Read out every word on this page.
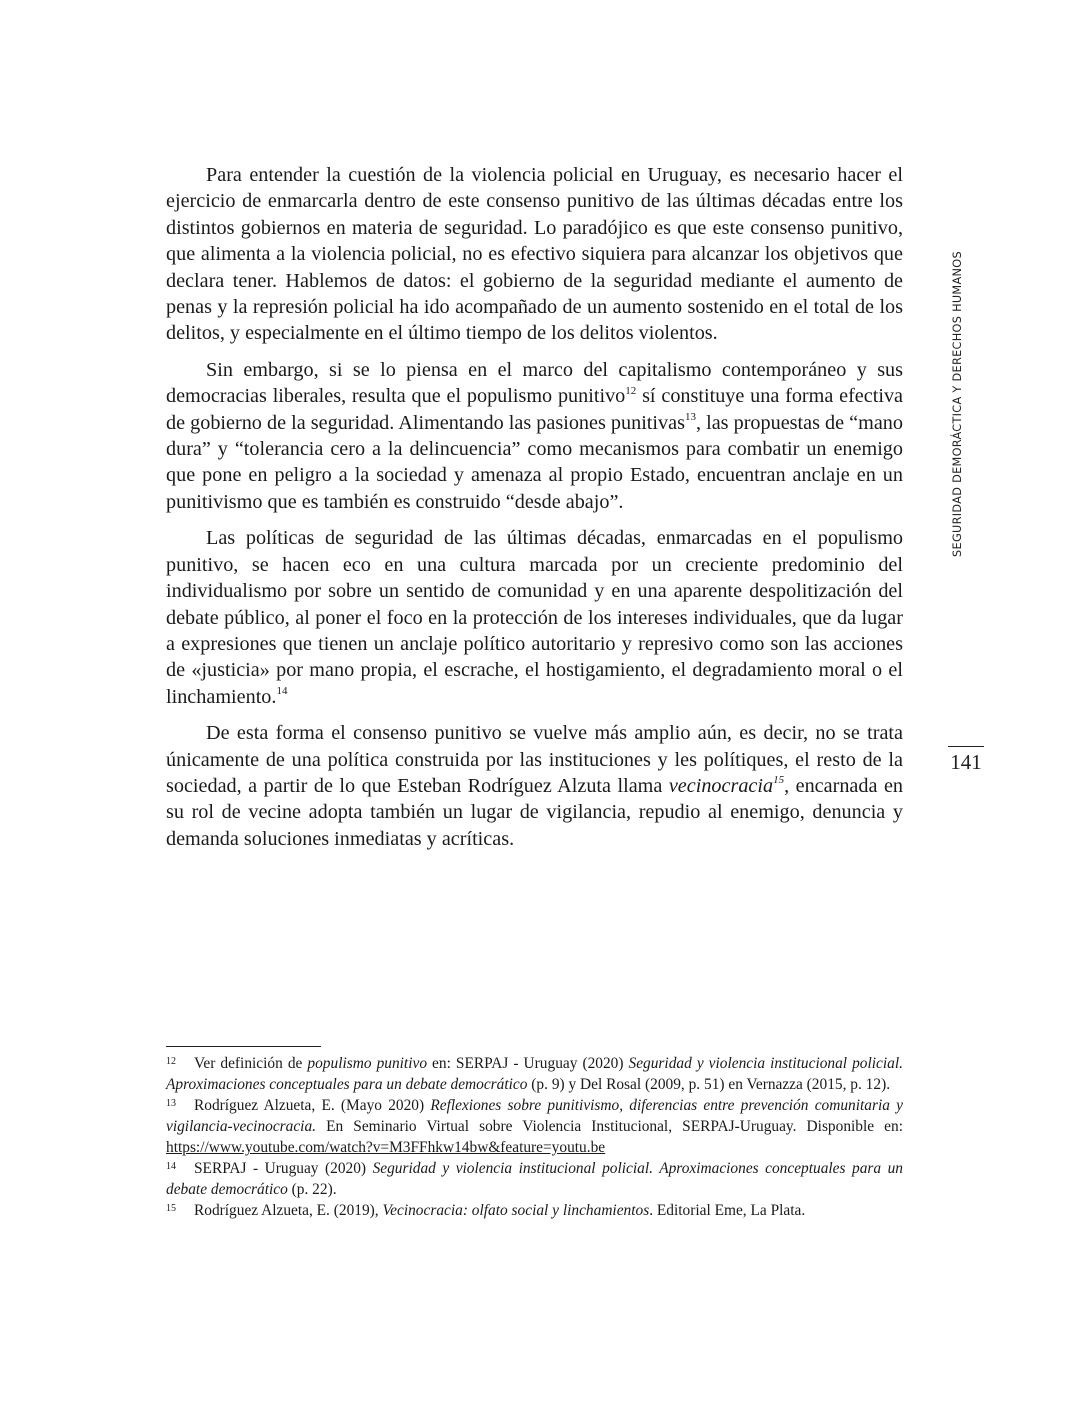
Para entender la cuestión de la violencia policial en Uruguay, es necesario hacer el ejercicio de enmarcarla dentro de este consenso punitivo de las últimas décadas entre los distintos gobiernos en materia de seguridad. Lo paradójico es que este consenso punitivo, que alimenta a la violencia policial, no es efectivo siquiera para alcanzar los objetivos que declara tener. Hablemos de datos: el gobierno de la seguridad mediante el aumento de penas y la represión policial ha ido acompañado de un aumento sostenido en el total de los delitos, y especialmente en el último tiempo de los delitos violentos.

Sin embargo, si se lo piensa en el marco del capitalismo contemporáneo y sus democracias liberales, resulta que el populismo punitivo$^{12}$ sí constituye una forma efectiva de gobierno de la seguridad. Alimentando las pasiones punitivas$^{13}$, las propuestas de “mano dura” y “tolerancia cero a la delincuencia” como mecanismos para combatir un enemigo que pone en peligro a la sociedad y amenaza al propio Estado, encuentran anclaje en un punitivismo que es también es construido “desde abajo”.

Las políticas de seguridad de las últimas décadas, enmarcadas en el populismo punitivo, se hacen eco en una cultura marcada por un creciente predominio del individualismo por sobre un sentido de comunidad y en una aparente despolitización del debate público, al poner el foco en la protección de los intereses individuales, que da lugar a expresiones que tienen un anclaje político autoritario y represivo como son las acciones de «justicia» por mano propia, el escrache, el hostigamiento, el degradamiento moral o el linchamiento.$^{14}$

De esta forma el consenso punitivo se vuelve más amplio aún, es decir, no se trata únicamente de una política construida por las instituciones y les polítiques, el resto de la sociedad, a partir de lo que Esteban Rodríguez Alzuta llama vecinocracia$^{15}$, encarnada en su rol de vecine adopta también un lugar de vigilancia, repudio al enemigo, denuncia y demanda soluciones inmediatas y acríticas.

SEGURIDAD DEMORÁCTICA Y DERECHOS HUMANOS
141

12 Ver definición de populismo punitivo en: SERPAJ - Uruguay (2020) Seguridad y violencia institucional policial. Aproximaciones conceptuales para un debate democrático (p. 9) y Del Rosal (2009, p. 51) en Vernazza (2015, p. 12).

13 Rodríguez Alzueta, E. (Mayo 2020) Reflexiones sobre punitivismo, diferencias entre prevención comunitaria y vigilancia-vecinocracia. En Seminario Virtual sobre Violencia Institucional, SERPAJ-Uruguay. Disponible en: https://www.youtube.com/watch?v=M3FFhkw14bw&feature=youtu.be

14 SERPAJ - Uruguay (2020) Seguridad y violencia institucional policial. Aproximaciones conceptuales para un debate democrático (p. 22).

15 Rodríguez Alzueta, E. (2019), Vecinocracia: olfato social y linchamientos. Editorial Eme, La Plata.
